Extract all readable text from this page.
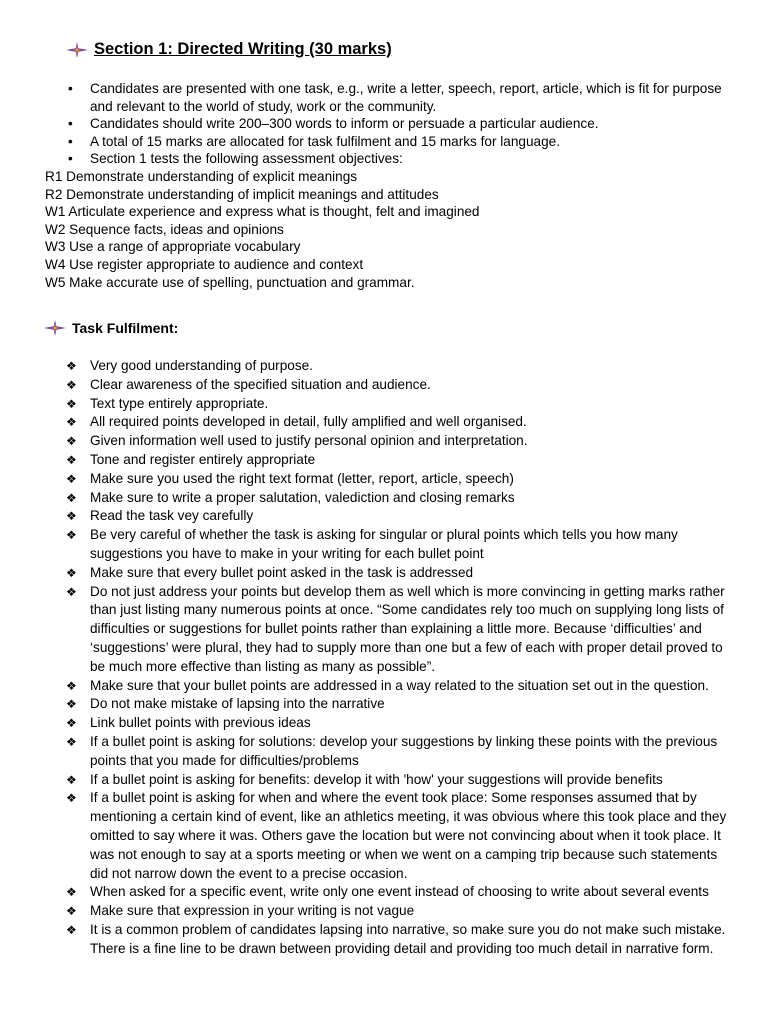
Section 1: Directed Writing (30 marks)
• Candidates are presented with one task, e.g., write a letter, speech, report, article, which is fit for purpose and relevant to the world of study, work or the community.
• Candidates should write 200–300 words to inform or persuade a particular audience.
• A total of 15 marks are allocated for task fulfilment and 15 marks for language.
• Section 1 tests the following assessment objectives:
R1 Demonstrate understanding of explicit meanings
R2 Demonstrate understanding of implicit meanings and attitudes
W1 Articulate experience and express what is thought, felt and imagined
W2 Sequence facts, ideas and opinions
W3 Use a range of appropriate vocabulary
W4 Use register appropriate to audience and context
W5 Make accurate use of spelling, punctuation and grammar.
Task Fulfilment:
❖ Very good understanding of purpose.
❖ Clear awareness of the specified situation and audience.
❖ Text type entirely appropriate.
❖ All required points developed in detail, fully amplified and well organised.
❖ Given information well used to justify personal opinion and interpretation.
❖ Tone and register entirely appropriate
❖ Make sure you used the right text format (letter, report, article, speech)
❖ Make sure to write a proper salutation, valediction and closing remarks
❖ Read the task vey carefully
❖ Be very careful of whether the task is asking for singular or plural points which tells you how many suggestions you have to make in your writing for each bullet point
❖ Make sure that every bullet point asked in the task is addressed
❖ Do not just address your points but develop them as well which is more convincing in getting marks rather than just listing many numerous points at once. “Some candidates rely too much on supplying long lists of difficulties or suggestions for bullet points rather than explaining a little more. Because ‘difficulties’ and ‘suggestions’ were plural, they had to supply more than one but a few of each with proper detail proved to be much more effective than listing as many as possible”.
❖ Make sure that your bullet points are addressed in a way related to the situation set out in the question.
❖ Do not make mistake of lapsing into the narrative
❖ Link bullet points with previous ideas
❖ If a bullet point is asking for solutions: develop your suggestions by linking these points with the previous points that you made for difficulties/problems
❖ If a bullet point is asking for benefits: develop it with 'how' your suggestions will provide benefits
❖ If a bullet point is asking for when and where the event took place: Some responses assumed that by mentioning a certain kind of event, like an athletics meeting, it was obvious where this took place and they omitted to say where it was. Others gave the location but were not convincing about when it took place. It was not enough to say at a sports meeting or when we went on a camping trip because such statements did not narrow down the event to a precise occasion.
❖ When asked for a specific event, write only one event instead of choosing to write about several events
❖ Make sure that expression in your writing is not vague
❖ It is a common problem of candidates lapsing into narrative, so make sure you do not make such mistake. There is a fine line to be drawn between providing detail and providing too much detail in narrative form.
